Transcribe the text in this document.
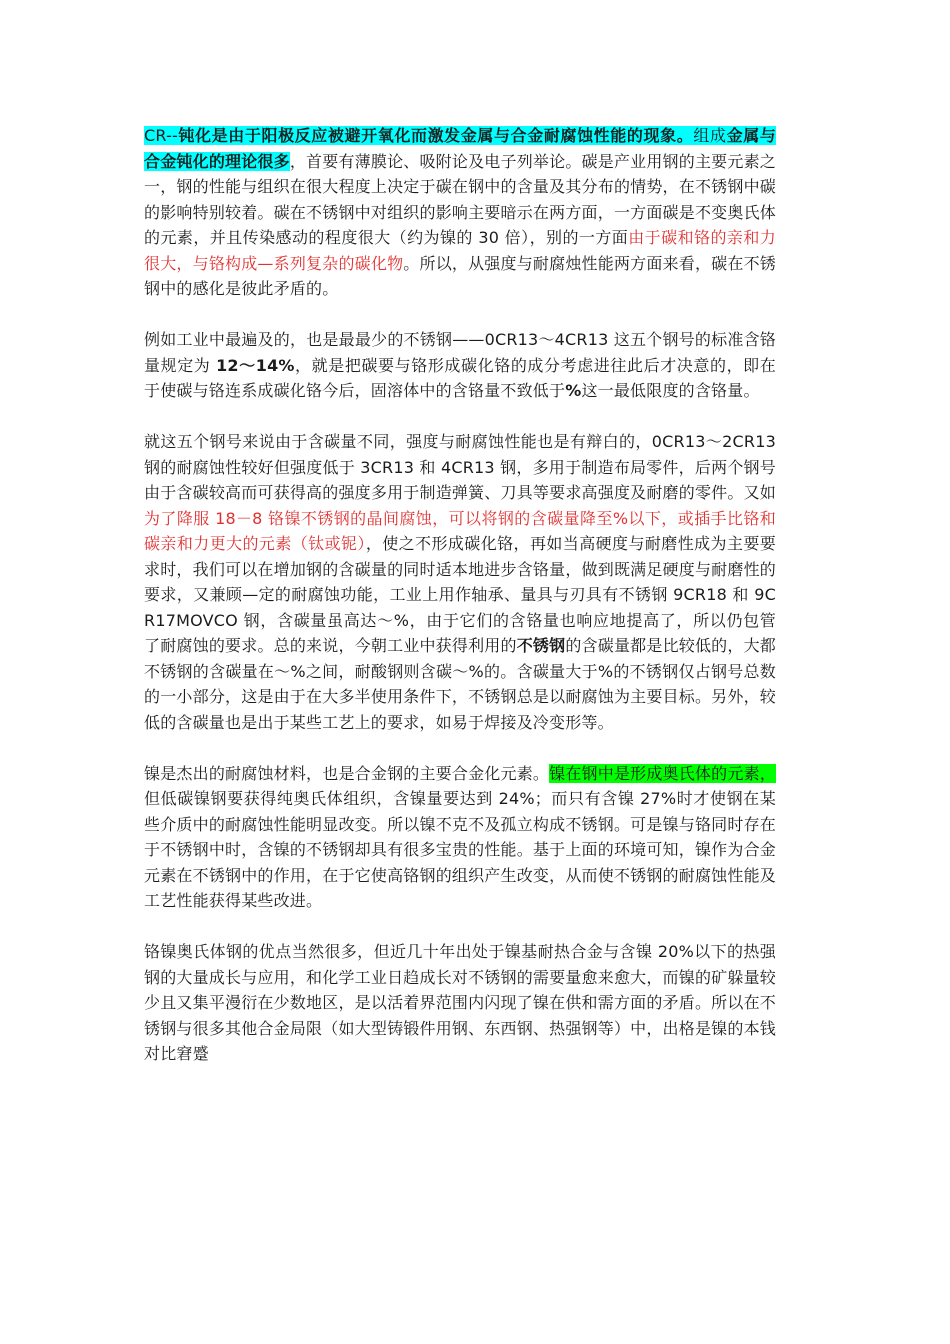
CR--钝化是由于阳极反应被避开氧化而激发金属与合金耐腐蚀性能的现象。组成金属与合金钝化的理论很多，首要有薄膜论、吸附论及电子列举论。碳是产业用钢的主要元素之一，钢的性能与组织在很大程度上决定于碳在钢中的含量及其分布的情势，在不锈钢中碳的影响特别较着。碳在不锈钢中对组织的影响主要暗示在两方面，一方面碳是不变奥氏体的元素，并且传染感动的程度很大（约为镍的 30 倍），别的一方面由于碳和铬的亲和力很大，与铬构成—系列复杂的碳化物。所以，从强度与耐腐烛性能两方面来看，碳在不锈钢中的感化是彼此矛盾的。

例如工业中最遍及的，也是最最少的不锈钢——0CR13～4CR13 这五个钢号的标准含铬量规定为 12～14%，就是把碳要与铬形成碳化铬的成分考虑进往此后才决意的，即在于使碳与铬连系成碳化铬今后，固溶体中的含铬量不致低于%这一最低限度的含铬量。

就这五个钢号来说由于含碳量不同，强度与耐腐蚀性能也是有辩白的，0CR13～2CR13 钢的耐腐蚀性较好但强度低于 3CR13 和 4CR13 钢，多用于制造布局零件，后两个钢号由于含碳较高而可获得高的强度多用于制造弹簧、刀具等要求高强度及耐磨的零件。又如为了降服 18－8 铬镍不锈钢的晶间腐蚀，可以将钢的含碳量降至%以下，或插手比铬和碳亲和力更大的元素（钛或铌），使之不形成碳化铬，再如当高硬度与耐磨性成为主要要求时，我们可以在增加钢的含碳量的同时适本地进步含铬量，做到既满足硬度与耐磨性的要求，又兼顾—定的耐腐蚀功能，工业上用作轴承、量具与刃具有不锈钢 9CR18 和 9CR17MOVCO 钢，含碳量虽高达～%，由于它们的含铬量也响应地提高了，所以仍包管了耐腐蚀的要求。总的来说，今朝工业中获得利用的不锈钢的含碳量都是比较低的，大都不锈钢的含碳量在～%之间，耐酸钢则含碳～%的。含碳量大于%的不锈钢仅占钢号总数的一小部分，这是由于在大多半使用条件下，不锈钢总是以耐腐蚀为主要目标。另外，较低的含碳量也是出于某些工艺上的要求，如易于焊接及冷变形等。

镍是杰出的耐腐蚀材料，也是合金钢的主要合金化元素。镍在钢中是形成奥氏体的元素，但低碳镍钢要获得纯奥氏体组织，含镍量要达到 24%；而只有含镍 27%时才使钢在某些介质中的耐腐蚀性能明显改变。所以镍不克不及孤立构成不锈钢。可是镍与铬同时存在于不锈钢中时，含镍的不锈钢却具有很多宝贵的性能。基于上面的环境可知，镍作为合金元素在不锈钢中的作用，在于它使高铬钢的组织产生改变，从而使不锈钢的耐腐蚀性能及工艺性能获得某些改进。

铬镍奥氏体钢的优点当然很多，但近几十年出处于镍基耐热合金与含镍 20%以下的热强钢的大量成长与应用，和化学工业日趋成长对不锈钢的需要量愈来愈大，而镍的矿躲量较少且又集平漫衍在少数地区，是以活着界范围内闪现了镍在供和需方面的矛盾。所以在不锈钢与很多其他合金局限（如大型铸锻件用钢、东西钢、热强钢等）中，出格是镍的本钱对比窘蹙
